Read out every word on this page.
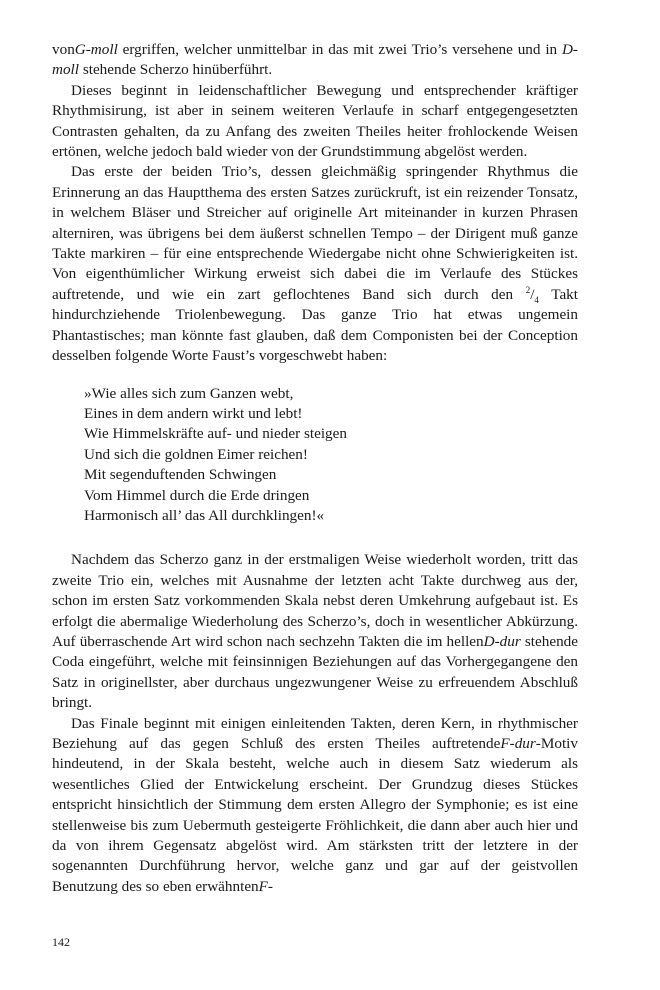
vonG-moll ergriffen, welcher unmittelbar in das mit zwei Trio’s versehene und in D-moll stehende Scherzo hinüberführt.

Dieses beginnt in leidenschaftlicher Bewegung und entsprechender kräftiger Rhythmisirung, ist aber in seinem weiteren Verlaufe in scharf entgegengesetzten Contrasten gehalten, da zu Anfang des zweiten Theiles heiter frohlockende Weisen ertönen, welche jedoch bald wieder von der Grundstimmung abgelöst werden.

Das erste der beiden Trio’s, dessen gleichmäßig springender Rhythmus die Erinnerung an das Hauptthema des ersten Satzes zurückruft, ist ein reizender Tonsatz, in welchem Bläser und Streicher auf originelle Art miteinander in kurzen Phrasen alterniren, was übrigens bei dem äußerst schnellen Tempo – der Dirigent muß ganze Takte markiren – für eine entsprechende Wiedergabe nicht ohne Schwierigkeiten ist. Von eigenthümlicher Wirkung erweist sich dabei die im Verlaufe des Stückes auftretende, und wie ein zart geflochtenes Band sich durch den $^2/_4$ Takt hindurchziehende Triolenbewegung. Das ganze Trio hat etwas ungemein Phantastisches; man könnte fast glauben, daß dem Componisten bei der Conception desselben folgende Worte Faust’s vorgeschwebt haben:

»Wie alles sich zum Ganzen webt,
Eines in dem andern wirkt und lebt!
Wie Himmelskräfte auf- und nieder steigen
Und sich die goldnen Eimer reichen!
Mit segenduftenden Schwingen
Vom Himmel durch die Erde dringen
Harmonisch all’ das All durchklingen!«

Nachdem das Scherzo ganz in der erstmaligen Weise wiederholt worden, tritt das zweite Trio ein, welches mit Ausnahme der letzten acht Takte durchweg aus der, schon im ersten Satz vorkommenden Skala nebst deren Umkehrung aufgebaut ist. Es erfolgt die abermalige Wiederholung des Scherzo’s, doch in wesentlicher Abkürzung. Auf überraschende Art wird schon nach sechzehn Takten die im hellenD-dur stehende Coda eingeführt, welche mit feinsinnigen Beziehungen auf das Vorhergegangene den Satz in originellster, aber durchaus ungezwungener Weise zu erfreuendem Abschluß bringt.

Das Finale beginnt mit einigen einleitenden Takten, deren Kern, in rhythmischer Beziehung auf das gegen Schluß des ersten Theiles auftretendeF-dur-Motiv hindeutend, in der Skala besteht, welche auch in diesem Satz wiederum als wesentliches Glied der Entwickelung erscheint. Der Grundzug dieses Stückes entspricht hinsichtlich der Stimmung dem ersten Allegro der Symphonie; es ist eine stellenweise bis zum Uebermuth gesteigerte Fröhlichkeit, die dann aber auch hier und da von ihrem Gegensatz abgelöst wird. Am stärksten tritt der letztere in der sogenannten Durchführung hervor, welche ganz und gar auf der geistvollen Benutzung des so eben erwähntenF-

142
